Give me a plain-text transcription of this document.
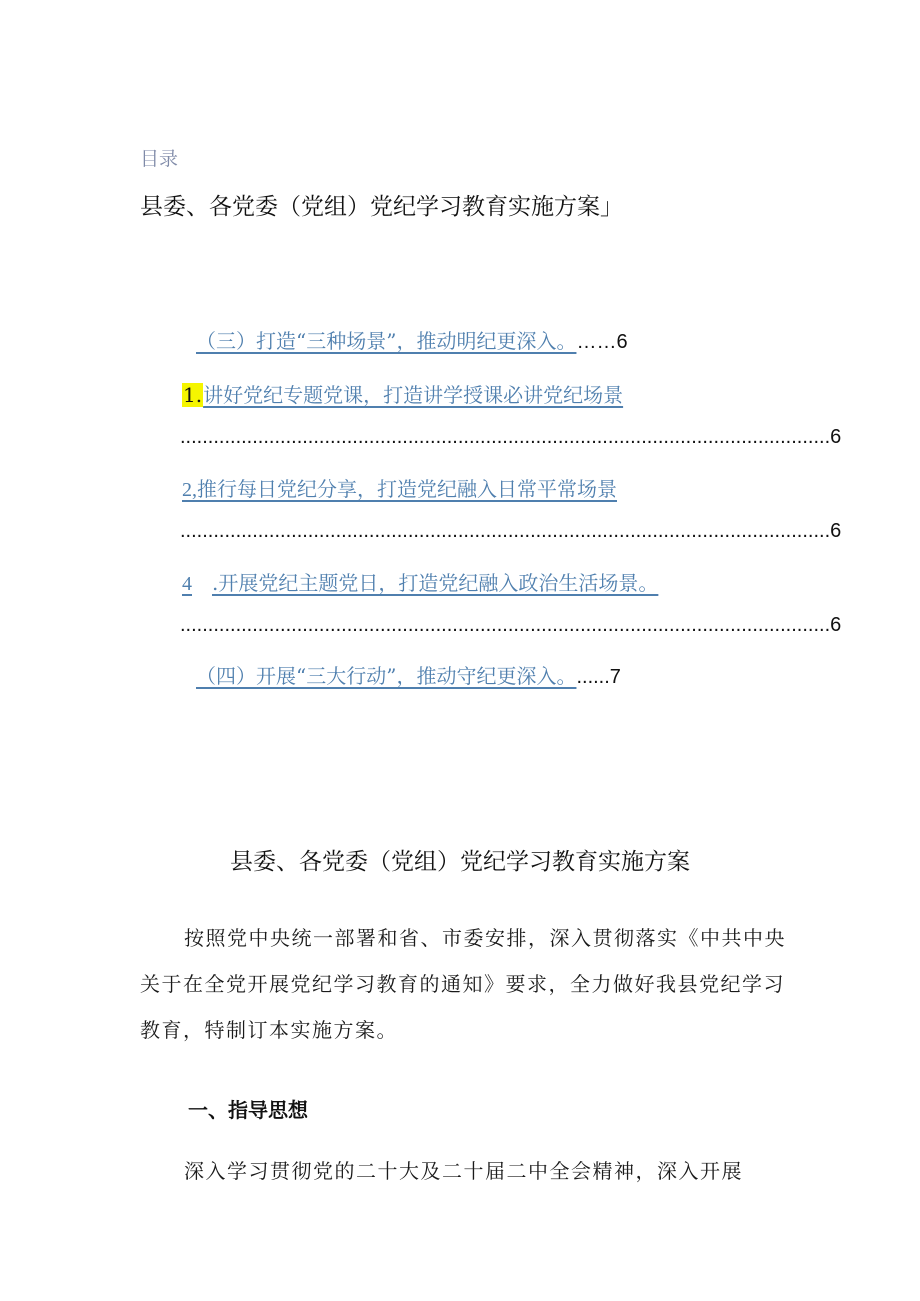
目录
县委、各党委（党组）党纪学习教育实施方案」
（三）打造“三种场景”，推动明纪更深入。……6
1.讲好党纪专题党课，打造讲学授课必讲党纪场景
..................................................................................................................... 6
2,推行每日党纪分享，打造党纪融入日常平常场景
..................................................................................................................... 6
4 .开展党纪主题党日，打造党纪融入政治生活场景。
..................................................................................................................... 6
（四）开展“三大行动”，推动守纪更深入。......7
县委、各党委（党组）党纪学习教育实施方案
按照党中央统一部署和省、市委安排，深入贯彻落实《中共中央关于在全党开展党纪学习教育的通知》要求，全力做好我县党纪学习教育，特制订本实施方案。
一、指导思想
深入学习贯彻党的二十大及二十届二中全会精神，深入开展
